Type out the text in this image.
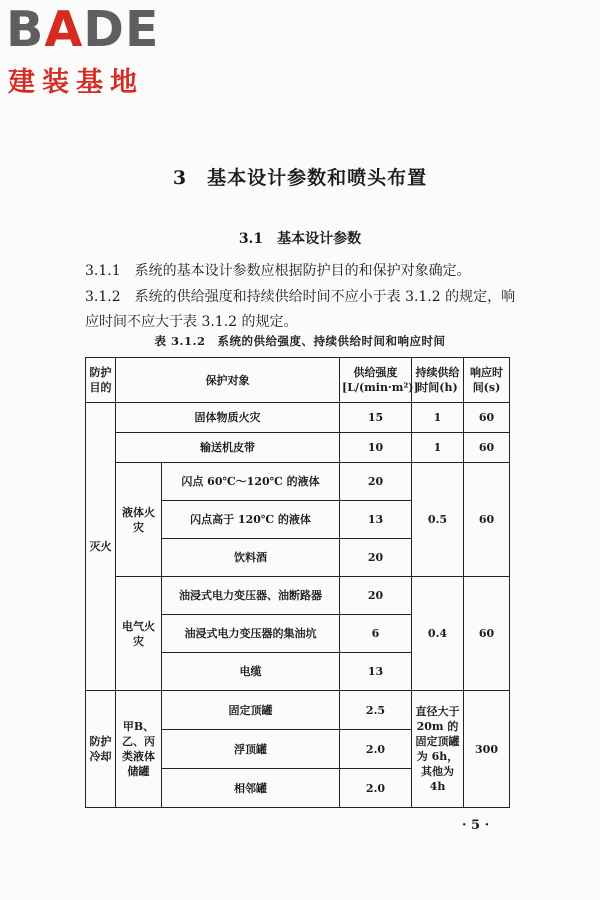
BADE
建装基地
3　基本设计参数和喷头布置
3.1　基本设计参数
3.1.1　系统的基本设计参数应根据防护目的和保护对象确定。
3.1.2　系统的供给强度和持续供给时间不应小于表 3.1.2 的规定，响应时间不应大于表 3.1.2 的规定。
表 3.1.2　系统的供给强度、持续供给时间和响应时间
防护目的	保护对象		供给强度 [L/(min·m²)]	持续供给时间(h)	响应时间(s)
灭火	固体物质火灾		15	1	60
	输送机皮带		10	1	60
	液体火灾	闪点 60℃～120℃ 的液体	20	0.5	60
		闪点高于 120℃ 的液体	13		
		饮料酒	20		
	电气火灾	油浸式电力变压器、油断路器	20	0.4	60
		油浸式电力变压器的集油坑	6		
		电缆	13		
防护冷却	甲B、乙、丙类液体储罐	固定顶罐	2.5	直径大于 20m 的固定顶罐为 6h，其他为 4h	300
		浮顶罐	2.0		
		相邻罐	2.0		
· 5 ·
